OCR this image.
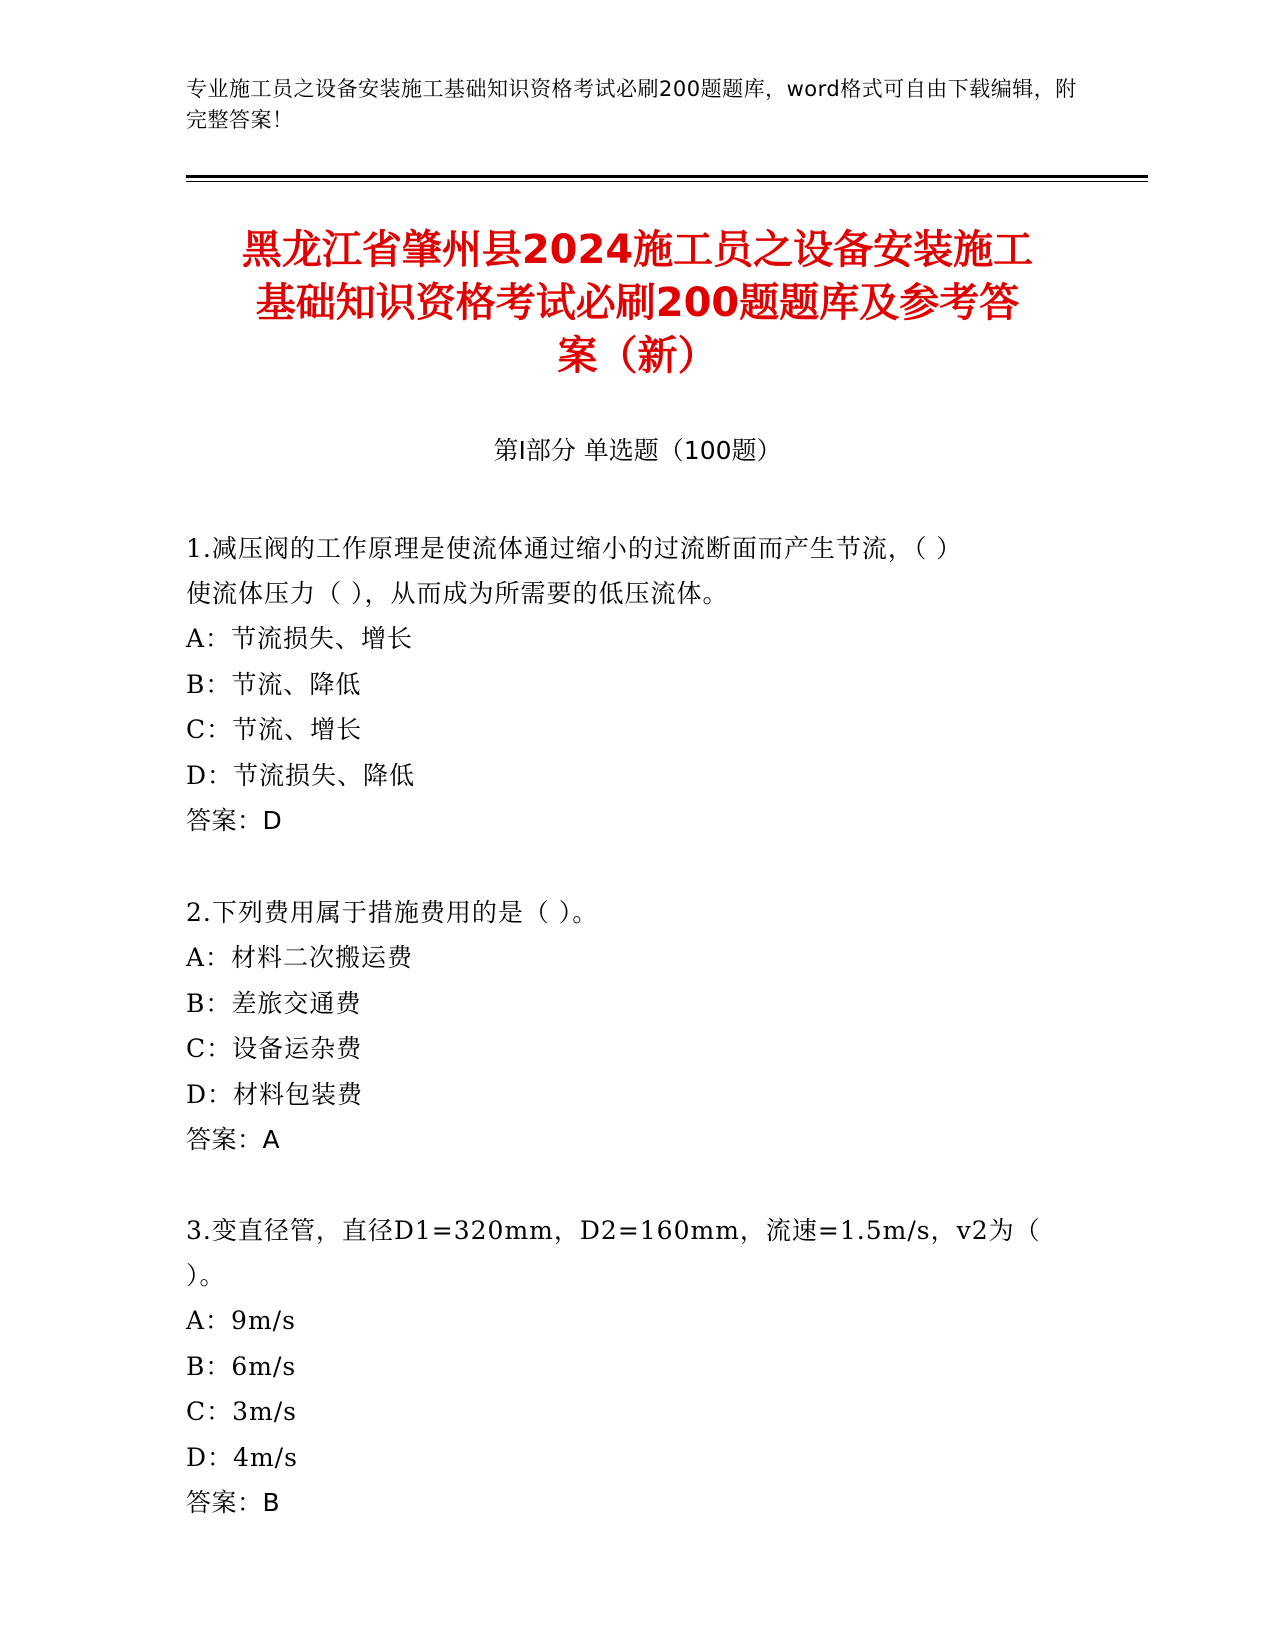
专业施工员之设备安装施工基础知识资格考试必刷200题题库，word格式可自由下载编辑，附完整答案！
黑龙江省肇州县2024施工员之设备安装施工
基础知识资格考试必刷200题题库及参考答
案（新）
第Ⅰ部分 单选题（100题）
1.减压阀的工作原理是使流体通过缩小的过流断面而产生节流，（ ）
使流体压力（ ），从而成为所需要的低压流体。
A：节流损失、增长
B：节流、降低
C：节流、增长
D：节流损失、降低
答案：D
2.下列费用属于措施费用的是（ ）。
A：材料二次搬运费
B：差旅交通费
C：设备运杂费
D：材料包装费
答案：A
3.变直径管，直径D1=320mm，D2=160mm，流速=1.5m/s，v2为（ ）。
A：9m/s
B：6m/s
C：3m/s
D：4m/s
答案：B
